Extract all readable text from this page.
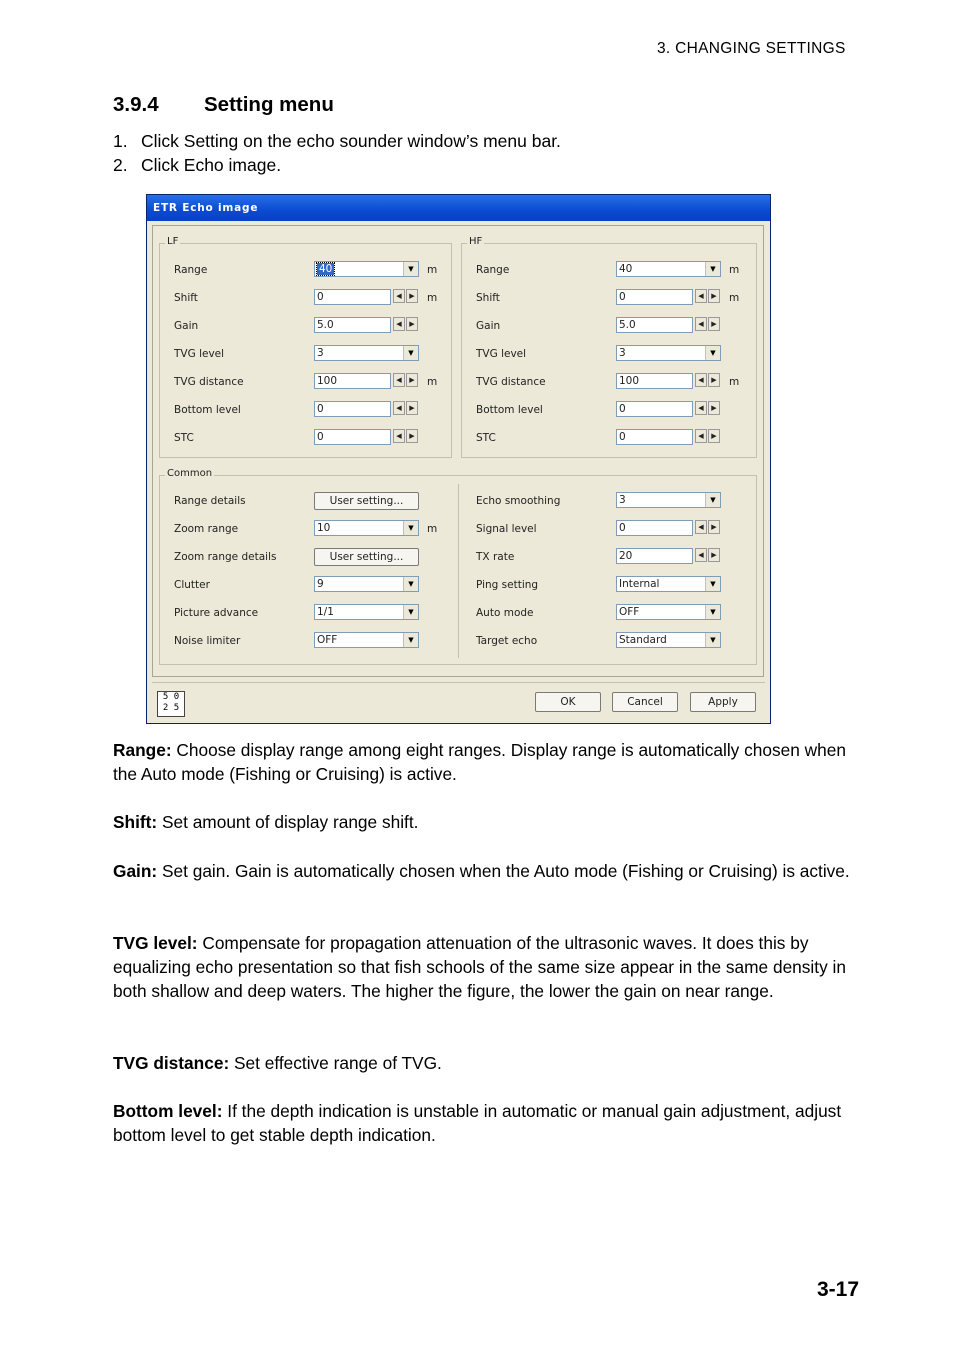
3. CHANGING SETTINGS
3.9.4 Setting menu
1. Click Setting on the echo sounder window’s menu bar.
2. Click Echo image.
ETR Echo image
LF
Range	40	▼	m
Shift	0	◀ ▶	m
Gain	5.0	◀ ▶
TVG level	3	▼
TVG distance	100	◀ ▶	m
Bottom level	0	◀ ▶
STC	0	◀ ▶
HF
Range	40	▼	m
Shift	0	◀ ▶	m
Gain	5.0	◀ ▶
TVG level	3	▼
TVG distance	100	◀ ▶	m
Bottom level	0	◀ ▶
STC	0	◀ ▶
Common
Range details	User setting...
Zoom range	10	▼	m
Zoom range details	User setting...
Clutter	9	▼
Picture advance	1/1	▼
Noise limiter	OFF	▼
Echo smoothing	3	▼
Signal level	0	◀ ▶
TX rate	20	◀ ▶
Ping setting	Internal	▼
Auto mode	OFF	▼
Target echo	Standard	▼
5 0
2 5	OK	Cancel	Apply

Range: Choose display range among eight ranges. Display range is automatically chosen when the Auto mode (Fishing or Cruising) is active.

Shift: Set amount of display range shift.

Gain: Set gain. Gain is automatically chosen when the Auto mode (Fishing or Cruising) is active.

TVG level: Compensate for propagation attenuation of the ultrasonic waves. It does this by equalizing echo presentation so that fish schools of the same size appear in the same density in both shallow and deep waters. The higher the figure, the lower the gain on near range.

TVG distance: Set effective range of TVG.

Bottom level: If the depth indication is unstable in automatic or manual gain adjustment, adjust bottom level to get stable depth indication.

3-17
